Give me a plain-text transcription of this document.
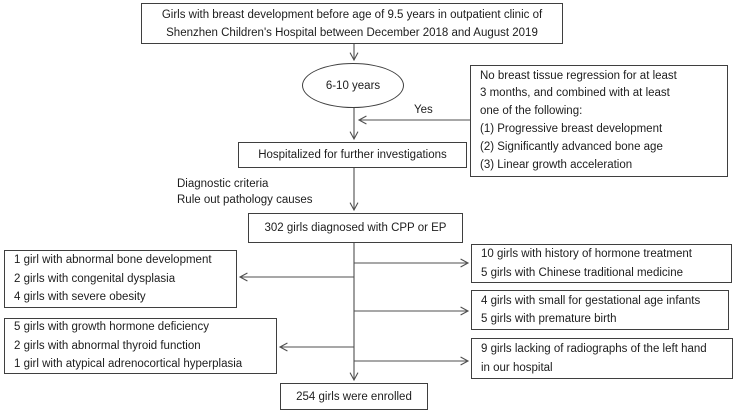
Girls with breast development before age of 9.5 years in outpatient clinic of
Shenzhen Children's Hospital between December 2018 and August 2019
6-10 years
No breast tissue regression for at least
3 months, and combined with at least
one of the following:
(1) Progressive breast development
(2) Significantly advanced bone age
(3) Linear growth acceleration
Yes
Hospitalized for further investigations
Diagnostic criteria
Rule out pathology causes
302 girls diagnosed with CPP or EP
1 girl with abnormal bone development
2 girls with congenital dysplasia
4 girls with severe obesity
5 girls with growth hormone deficiency
2 girls with abnormal thyroid function
1 girl with atypical adrenocortical hyperplasia
10 girls with history of hormone treatment
5 girls with Chinese traditional medicine
4 girls with small for gestational age infants
5 girls with premature birth
9 girls lacking of radiographs of the left hand
in our hospital
254 girls were enrolled
